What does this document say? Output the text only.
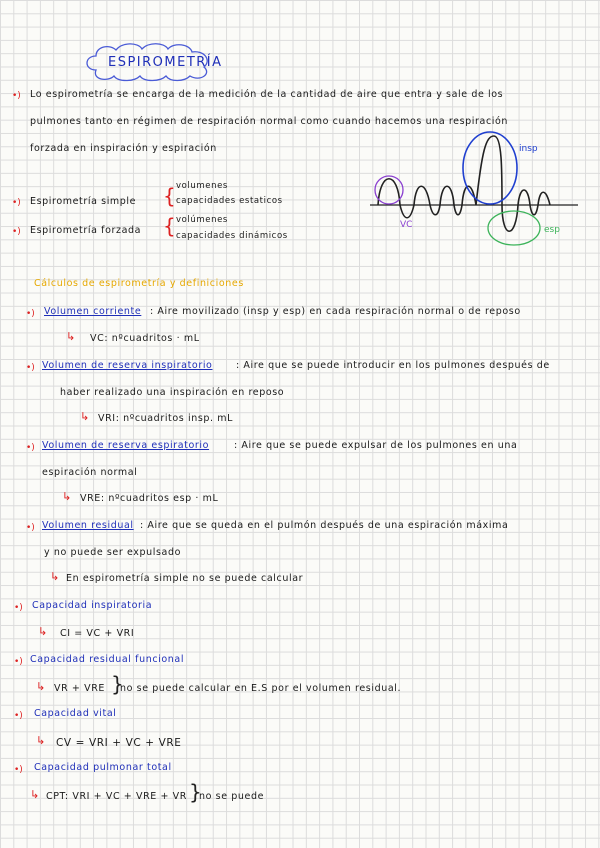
ESPIROMETRÍA
•) Lo espirometría se encarga de la medición de la cantidad de aire que entra y sale de los
pulmones tanto en régimen de respiración normal como cuando hacemos una respiración
forzada en inspiración y espiración
•) Espirometría simple { volumenes
capacidades estaticos
•) Espirometría forzada { volúmenes
capacidades dinámicos
insp
VC	esp
Cálculos de espirometría y definiciones
•) Volumen corriente : Aire movilizado (insp y esp) en cada respiración normal o de reposo
↳ VC: nºcuadritos · mL
•) Volumen de reserva inspiratorio : Aire que se puede introducir en los pulmones después de
haber realizado una inspiración en reposo
↳ VRI: nºcuadritos insp. mL
•) Volumen de reserva espiratorio	: Aire que se puede expulsar de los pulmones en una
espiración normal
↳ VRE: nºcuadritos esp · mL
•) Volumen residual : Aire que se queda en el pulmón después de una espiración máxima
y no puede ser expulsado
↳ En espirometría simple no se puede calcular
•) Capacidad inspiratoria
↳ CI = VC + VRI
•) Capacidad residual funcional
↳ VR + VRE }
no se puede calcular en E.S por el volumen residual.
•) Capacidad vital
↳ CV = VRI + VC + VRE
•) Capacidad pulmonar total
↳ CPT: VRI + VC + VRE + VR }
no se puede
